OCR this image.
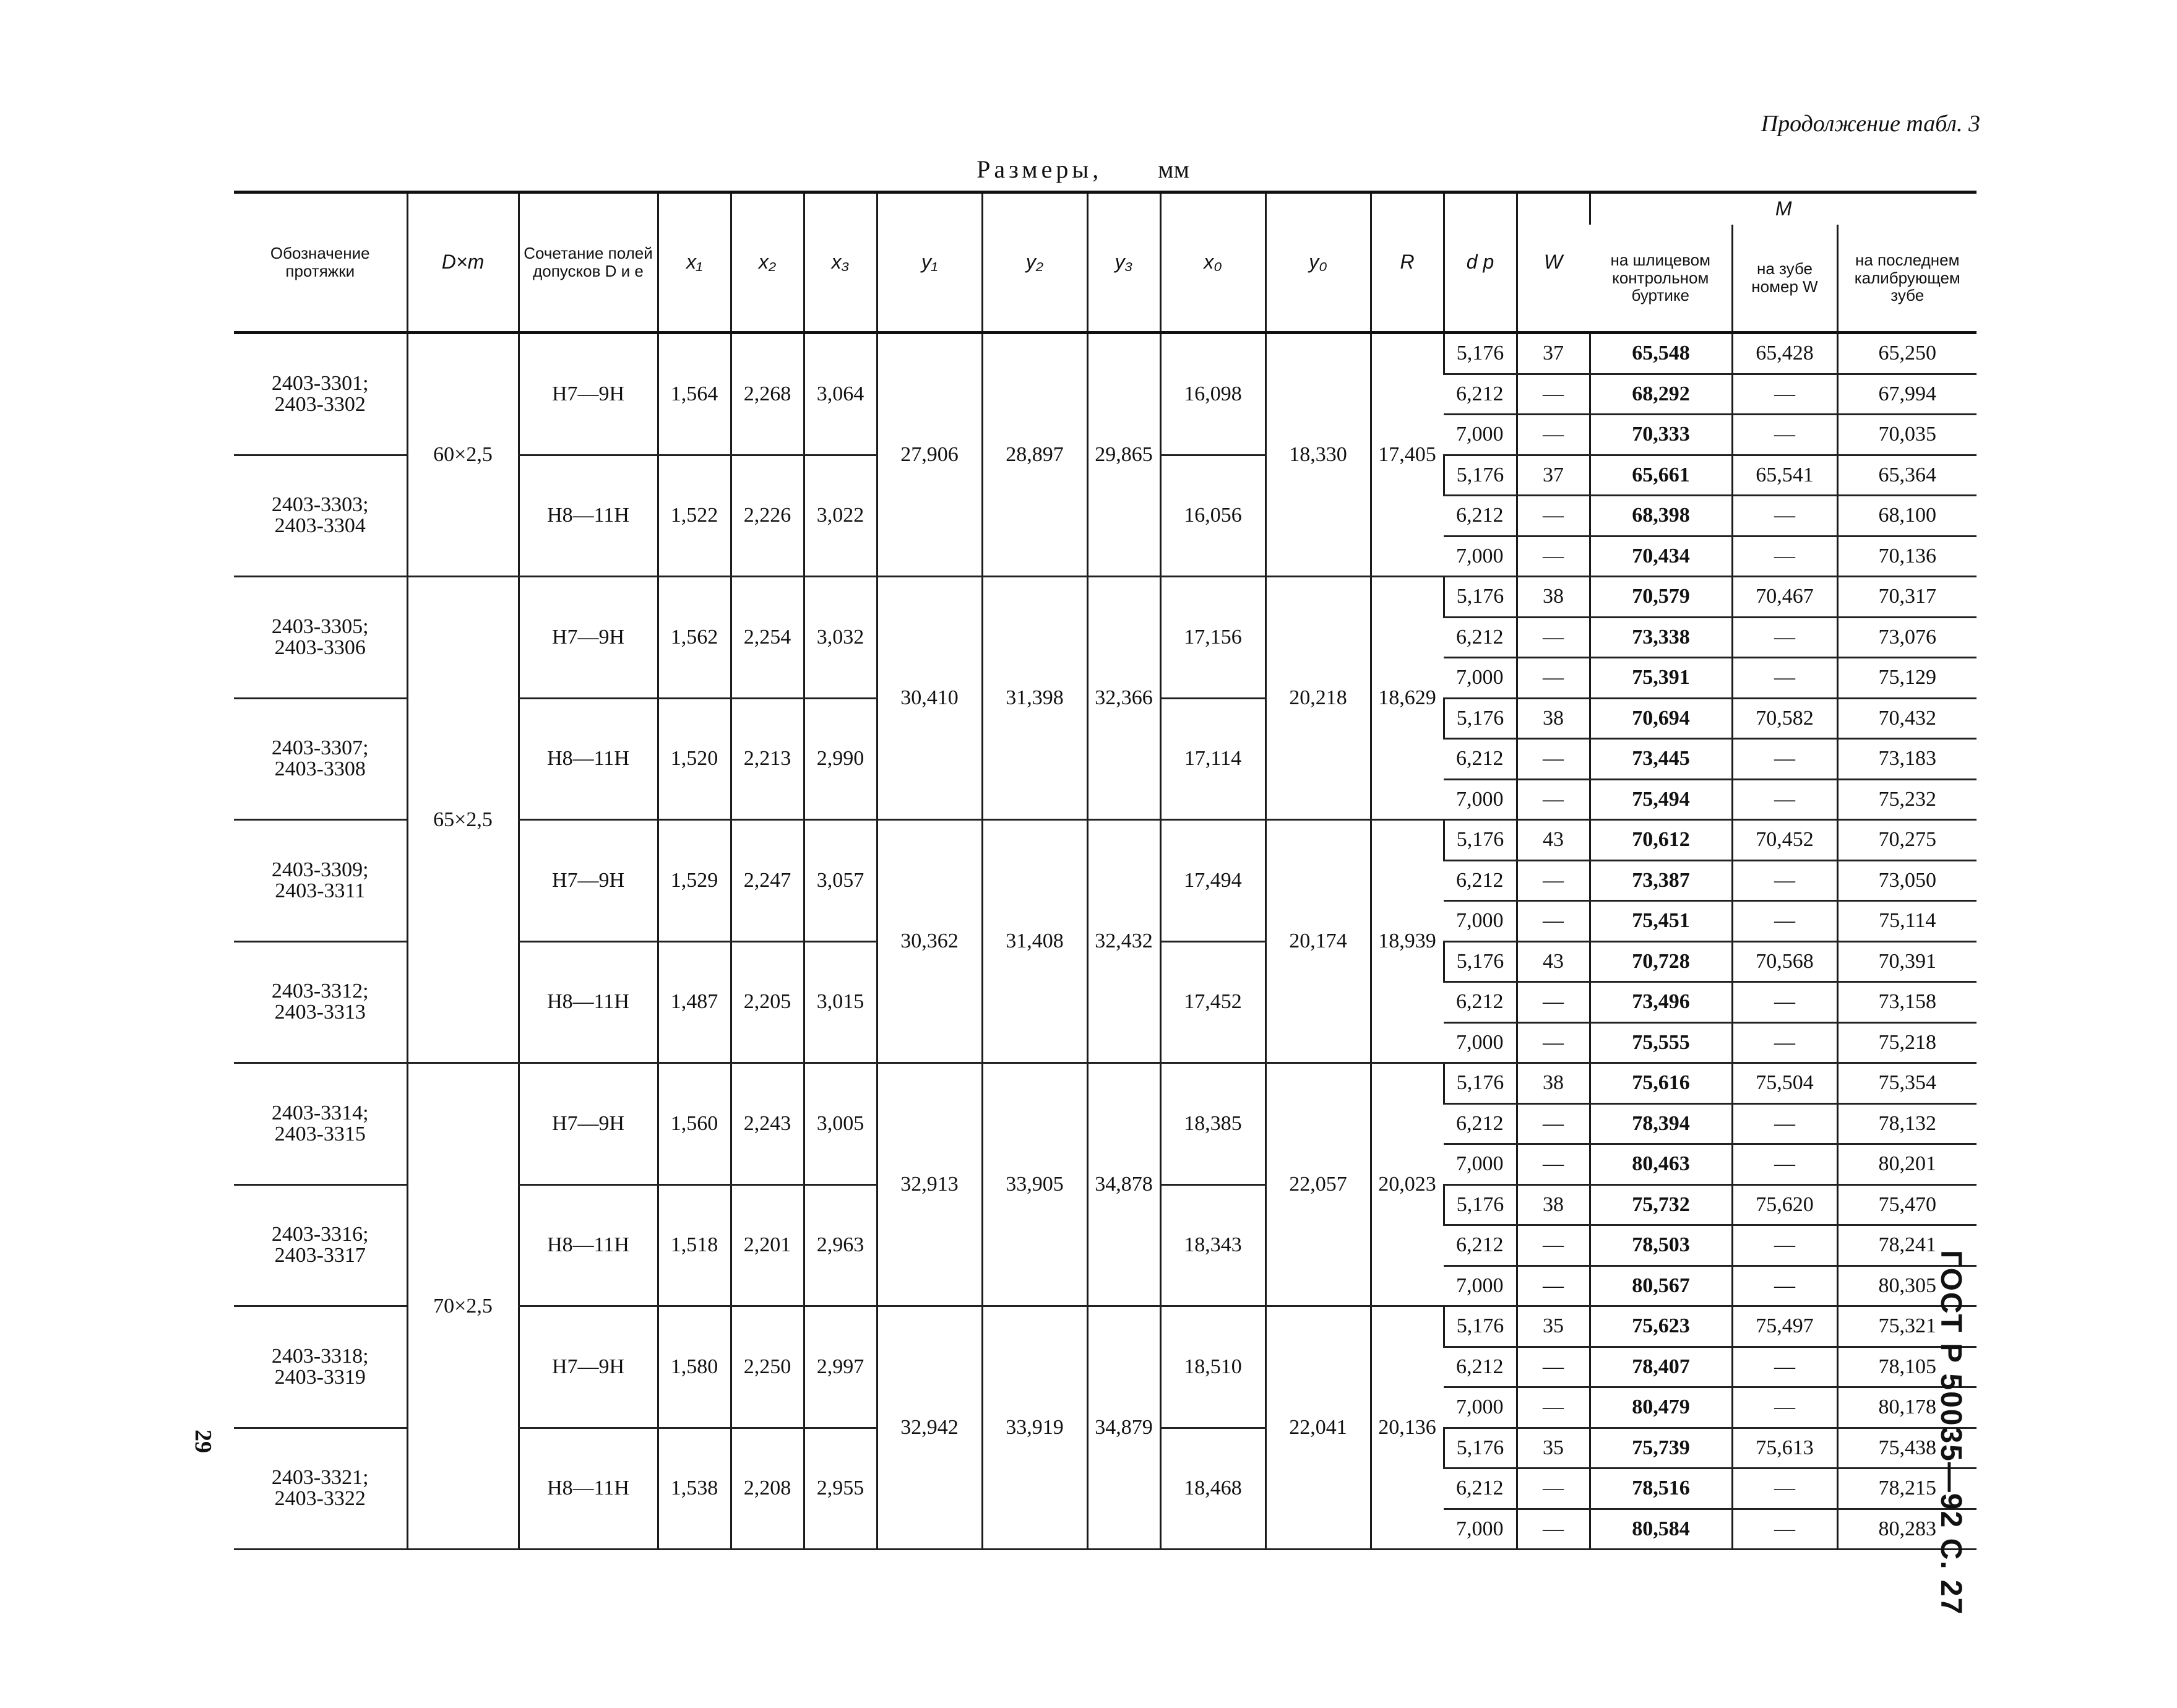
Продолжение табл. 3
Размеры, мм
Обозначение протяжки	D×m	Сочетание полей допусков D и e	x₁	x₂	x₃	y₁	y₂	y₃	x₀	y₀	R	d p	W	M		
														на шлицевом контрольном буртике	на зубе номер W	на последнем калибрующем зубе

2403-3301;
2403-3302	60×2,5	H7—9H	1,564	2,268	3,064	27,906	28,897	29,865	16,098	18,330	17,405	5,176	37	65,548	65,428	65,250
												6,212	—	68,292	—	67,994
												7,000	—	70,333	—	70,035

2403-3303;
2403-3304		H8—11H	1,522	2,226	3,022				16,056			5,176	37	65,661	65,541	65,364
												6,212	—	68,398	—	68,100
												7,000	—	70,434	—	70,136

2403-3305;
2403-3306	65×2,5	H7—9H	1,562	2,254	3,032	30,410	31,398	32,366	17,156	20,218	18,629	5,176	38	70,579	70,467	70,317
												6,212	—	73,338	—	73,076
												7,000	—	75,391	—	75,129

2403-3307;
2403-3308		H8—11H	1,520	2,213	2,990				17,114			5,176	38	70,694	70,582	70,432
												6,212	—	73,445	—	73,183
												7,000	—	75,494	—	75,232

2403-3309;
2403-3311		H7—9H	1,529	2,247	3,057	30,362	31,408	32,432	17,494	20,174	18,939	5,176	43	70,612	70,452	70,275
												6,212	—	73,387	—	73,050
												7,000	—	75,451	—	75,114

2403-3312;
2403-3313		H8—11H	1,487	2,205	3,015				17,452			5,176	43	70,728	70,568	70,391
												6,212	—	73,496	—	73,158
												7,000	—	75,555	—	75,218

2403-3314;
2403-3315	70×2,5	H7—9H	1,560	2,243	3,005	32,913	33,905	34,878	18,385	22,057	20,023	5,176	38	75,616	75,504	75,354
												6,212	—	78,394	—	78,132
												7,000	—	80,463	—	80,201

2403-3316;
2403-3317		H8—11H	1,518	2,201	2,963				18,343			5,176	38	75,732	75,620	75,470
												6,212	—	78,503	—	78,241
												7,000	—	80,567	—	80,305

2403-3318;
2403-3319		H7—9H	1,580	2,250	2,997	32,942	33,919	34,879	18,510	22,041	20,136	5,176	35	75,623	75,497	75,321
												6,212	—	78,407	—	78,105
												7,000	—	80,479	—	80,178

2403-3321;
2403-3322		H8—11H	1,538	2,208	2,955				18,468			5,176	35	75,739	75,613	75,438
												6,212	—	78,516	—	78,215
												7,000	—	80,584	—	80,283
29	ГОСТ Р 50035—92 С. 27
